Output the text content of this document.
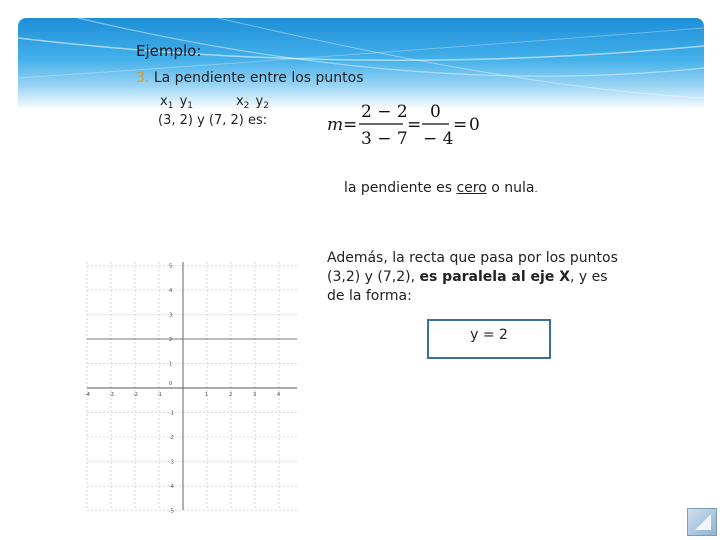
Ejemplo:
3. La pendiente entre los puntos
$x_1$ $y_1$	$x_2$ $y_2$
(3, 2) y (7, 2) es:	m =
2 − 2
3 − 7
=
0
− 4
= 0
la pendiente es cero o nula.
Además, la recta que pasa por los puntos (3,2) y (7,2), es paralela al eje X, y es de la forma:
y = 2
-4	-3	-2	-1	1	2	3	4
5
4
3
2
1
-1
-2
-3
-4
-5
0
